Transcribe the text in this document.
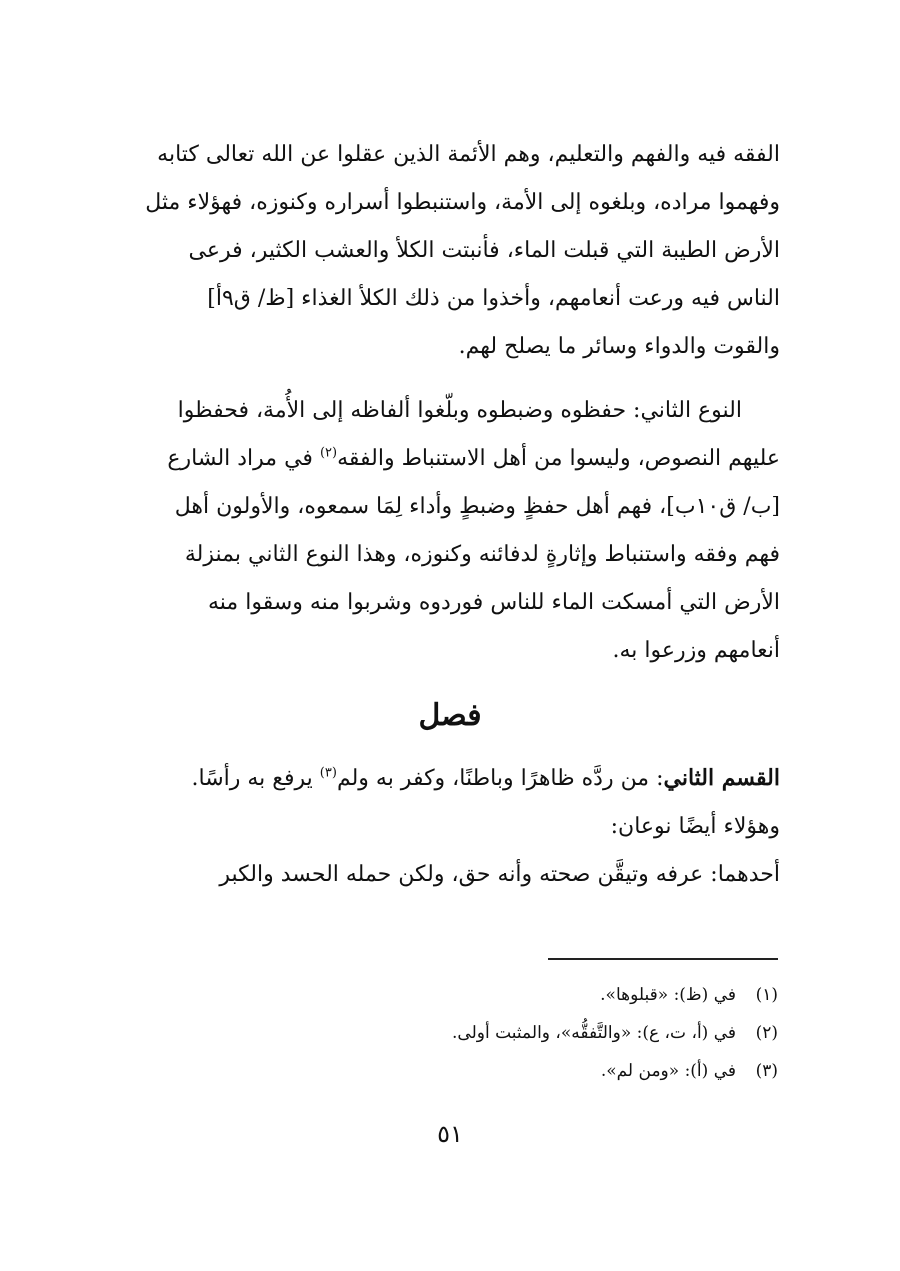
الفقه فيه والفهم والتعليم، وهم الأئمة الذين عقلوا عن الله تعالى كتابه
وفهموا مراده، وبلغوه إلى الأمة، واستنبطوا أسراره وكنوزه، فهؤلاء مثل
الأرض الطيبة التي قبلت الماء، فأنبتت الكلأ والعشب الكثير، فرعى
الناس فيه ورعت أنعامهم، وأخذوا من ذلك الكلأ الغذاء [ظ/ ق٩أ]
والقوت والدواء وسائر ما يصلح لهم.
النوع الثاني: حفظوه وضبطوه وبلّغوا ألفاظه إلى الأُمة، فحفظوا
عليهم النصوص، وليسوا من أهل الاستنباط والفقه$^{(٢)}$ في مراد الشارع
[ب/ ق١٠ب]، فهم أهل حفظٍ وضبطٍ وأداء لِمَا سمعوه، والأولون أهل
فهم وفقه واستنباط وإثارةٍ لدفائنه وكنوزه، وهذا النوع الثاني بمنزلة
الأرض التي أمسكت الماء للناس فوردوه وشربوا منه وسقوا منه
أنعامهم وزرعوا به.
فصل
القسم الثاني: من ردَّه ظاهرًا وباطنًا، وكفر به ولم$^{(٣)}$ يرفع به رأسًا.
وهؤلاء أيضًا نوعان:
أحدهما: عرفه وتيقَّن صحته وأنه حق، ولكن حمله الحسد والكبر
(١)في (ظ): «قبلوها».
(٢)في (أ، ت، ع): «والتَّفقُّه»، والمثبت أولى.
(٣)في (أ): «ومن لم».
٥١
